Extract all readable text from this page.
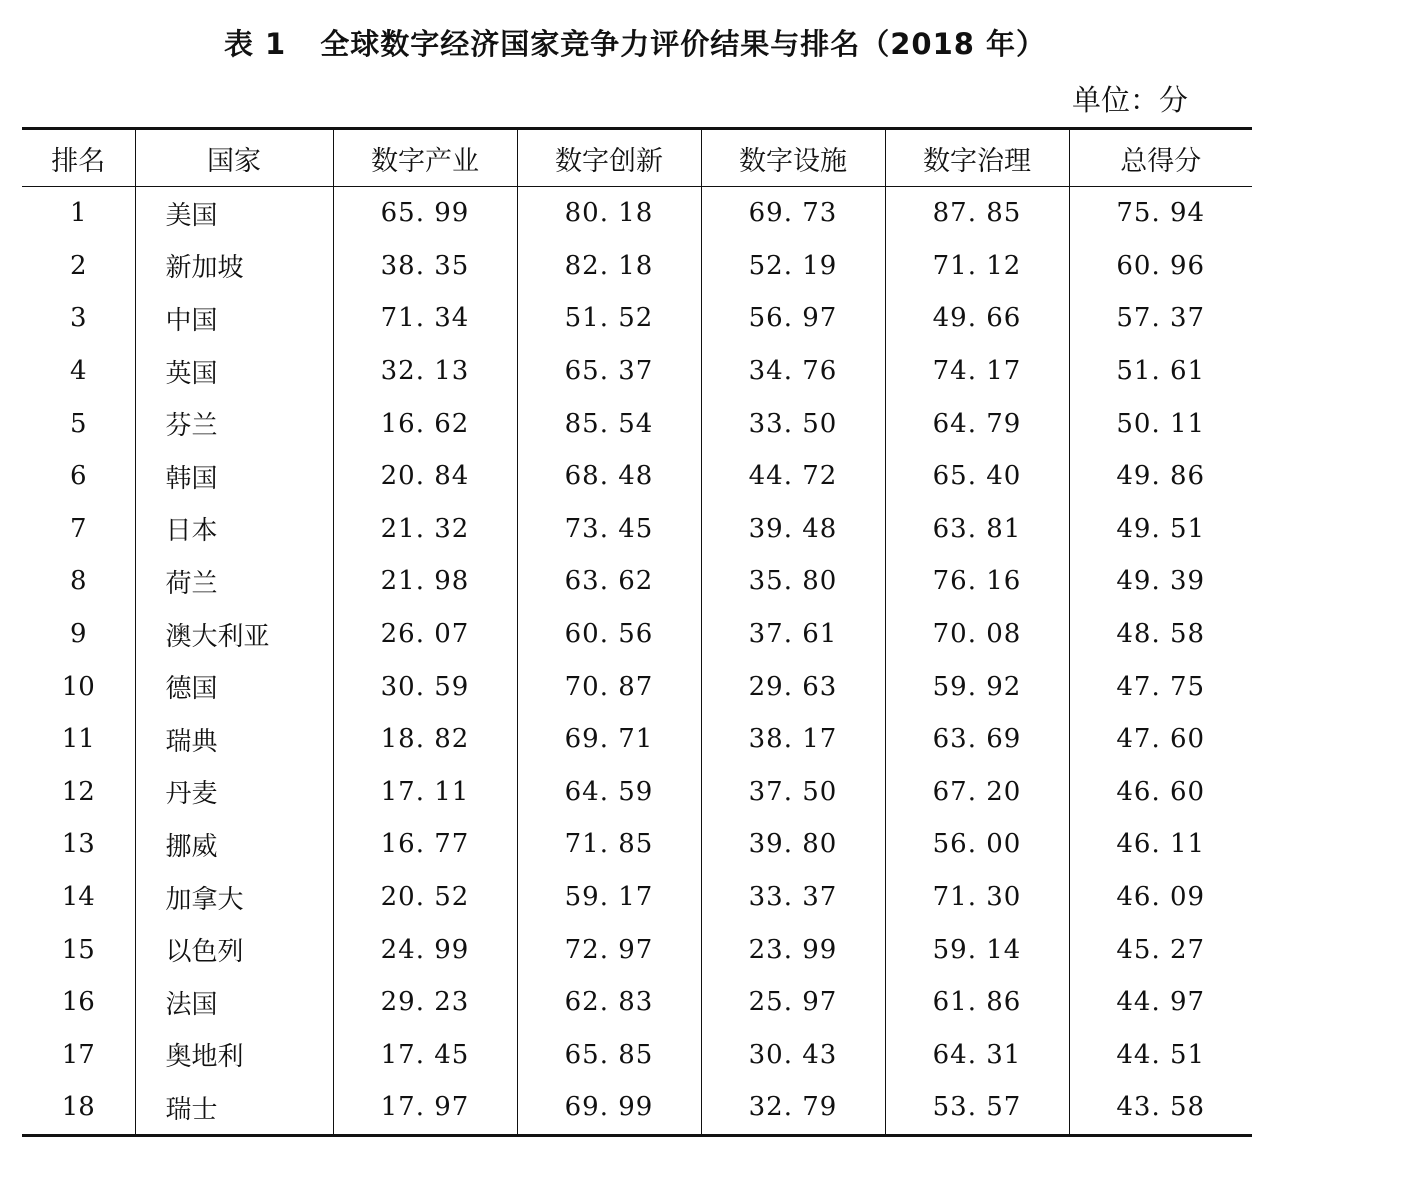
表 1 全球数字经济国家竞争力评价结果与排名（2018 年）
单位：分
排名	国家	数字产业	数字创新	数字设施	数字治理	总得分
1	美国	65. 99	80. 18	69. 73	87. 85	75. 94
2	新加坡	38. 35	82. 18	52. 19	71. 12	60. 96
3	中国	71. 34	51. 52	56. 97	49. 66	57. 37
4	英国	32. 13	65. 37	34. 76	74. 17	51. 61
5	芬兰	16. 62	85. 54	33. 50	64. 79	50. 11
6	韩国	20. 84	68. 48	44. 72	65. 40	49. 86
7	日本	21. 32	73. 45	39. 48	63. 81	49. 51
8	荷兰	21. 98	63. 62	35. 80	76. 16	49. 39
9	澳大利亚	26. 07	60. 56	37. 61	70. 08	48. 58
10	德国	30. 59	70. 87	29. 63	59. 92	47. 75
11	瑞典	18. 82	69. 71	38. 17	63. 69	47. 60
12	丹麦	17. 11	64. 59	37. 50	67. 20	46. 60
13	挪威	16. 77	71. 85	39. 80	56. 00	46. 11
14	加拿大	20. 52	59. 17	33. 37	71. 30	46. 09
15	以色列	24. 99	72. 97	23. 99	59. 14	45. 27
16	法国	29. 23	62. 83	25. 97	61. 86	44. 97
17	奥地利	17. 45	65. 85	30. 43	64. 31	44. 51
18	瑞士	17. 97	69. 99	32. 79	53. 57	43. 58
